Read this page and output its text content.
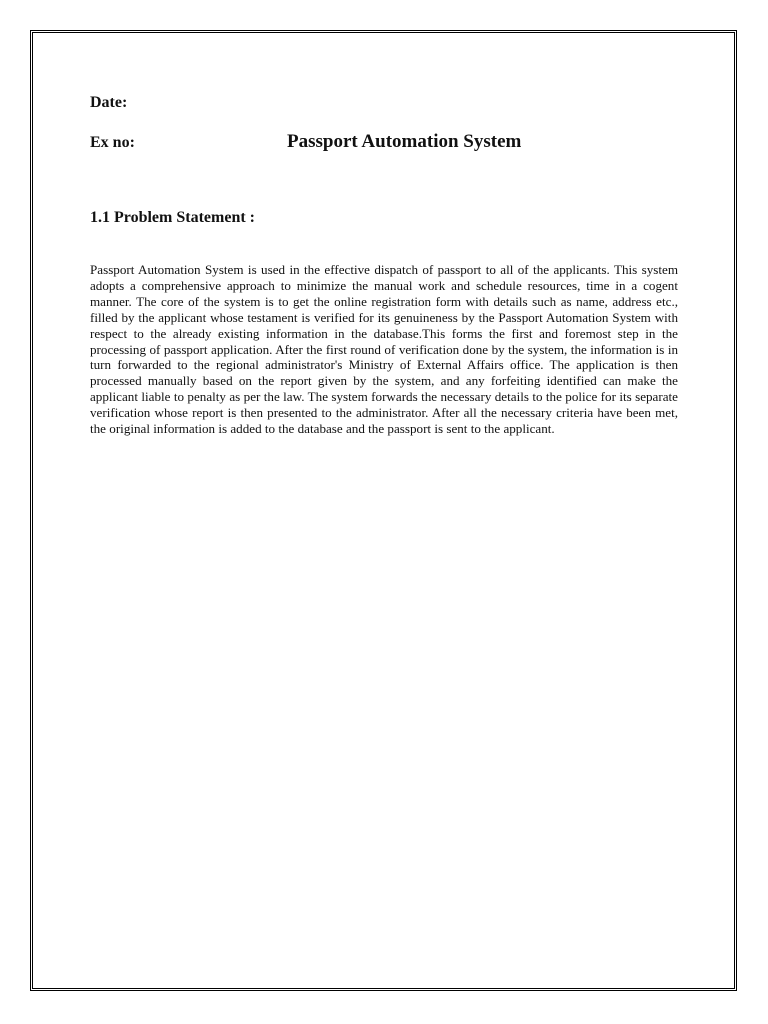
Date:
Ex no:	Passport Automation System
1.1 Problem Statement :

Passport Automation System is used in the effective dispatch of passport to all of the applicants. This system adopts a comprehensive approach to minimize the manual work and schedule resources, time in a cogent manner. The core of the system is to get the online registration form with details such as name, address etc., filled by the applicant whose testament is verified for its genuineness by the Passport Automation System with respect to the already existing information in the database.This forms the first and foremost step in the processing of passport application. After the first round of verification done by the system, the information is in turn forwarded to the regional administrator's Ministry of External Affairs office. The application is then processed manually based on the report given by the system, and any forfeiting identified can make the applicant liable to penalty as per the law. The system forwards the necessary details to the police for its separate verification whose report is then presented to the administrator. After all the necessary criteria have been met, the original information is added to the database and the passport is sent to the applicant.
